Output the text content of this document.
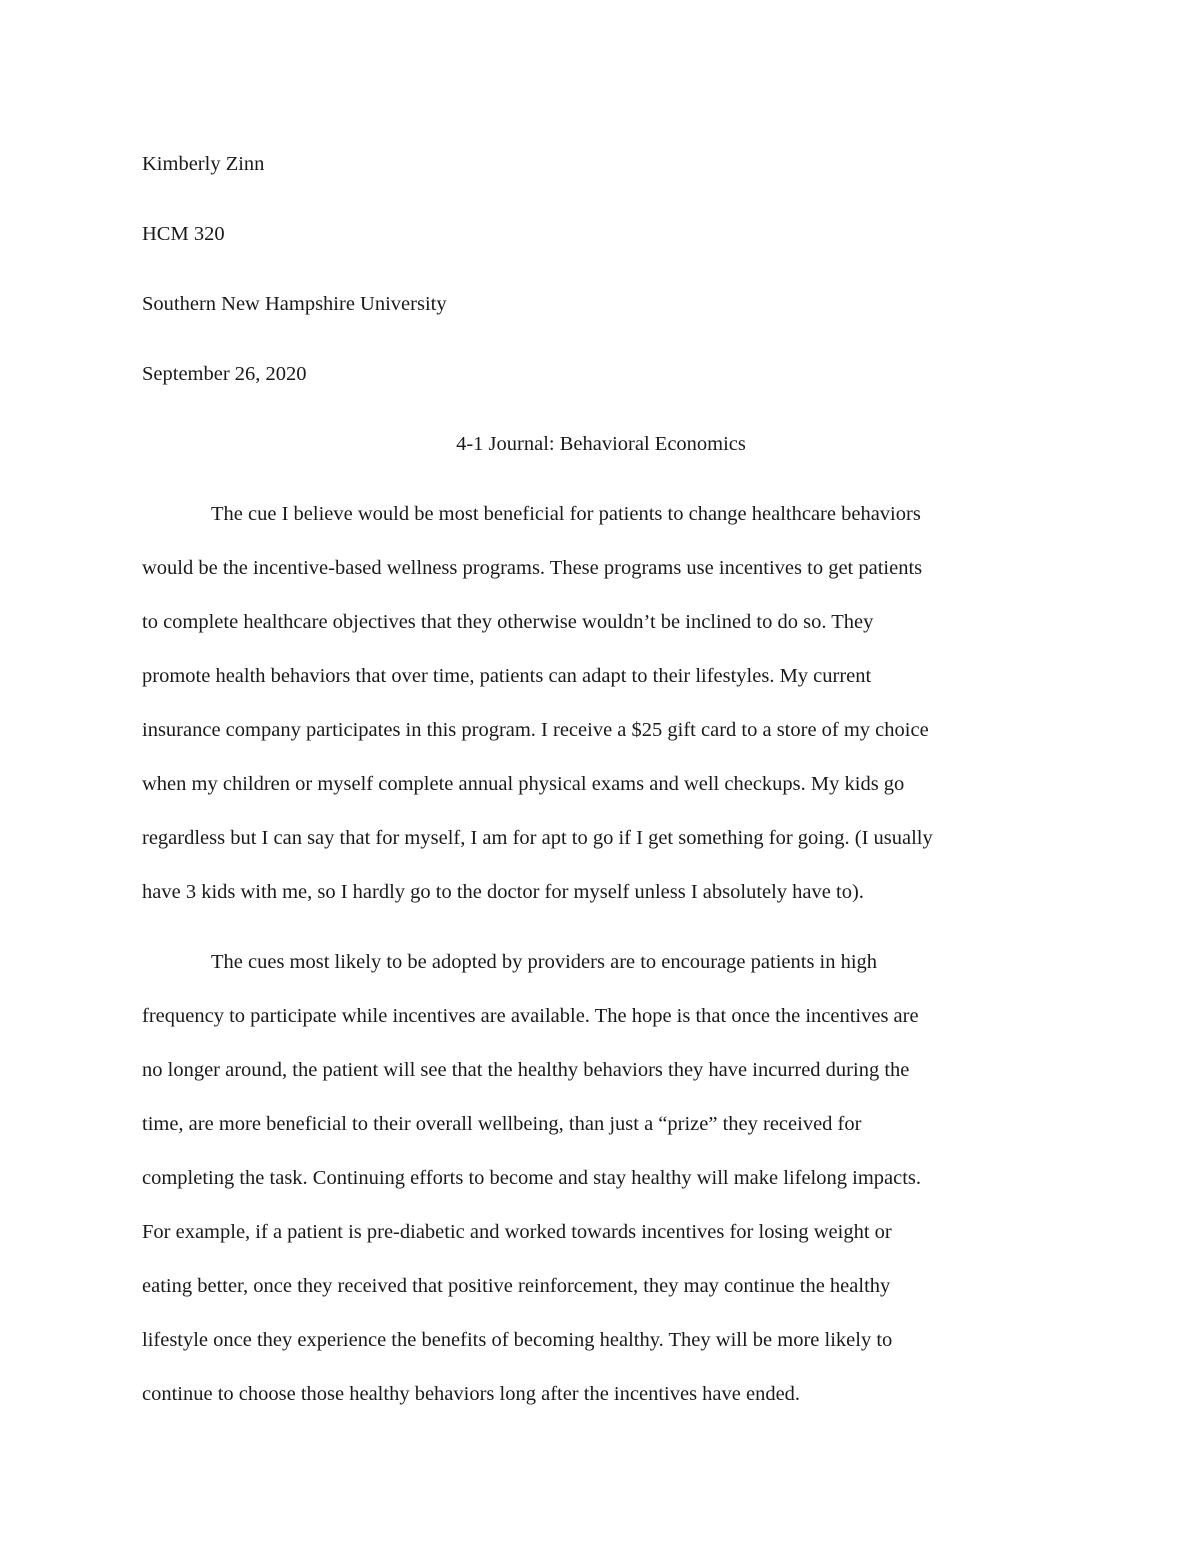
Kimberly Zinn
HCM 320
Southern New Hampshire University
September 26, 2020
4-1 Journal: Behavioral Economics
The cue I believe would be most beneficial for patients to change healthcare behaviors
would be the incentive-based wellness programs. These programs use incentives to get patients
to complete healthcare objectives that they otherwise wouldn’t be inclined to do so. They
promote health behaviors that over time, patients can adapt to their lifestyles. My current
insurance company participates in this program. I receive a $25 gift card to a store of my choice
when my children or myself complete annual physical exams and well checkups. My kids go
regardless but I can say that for myself, I am for apt to go if I get something for going. (I usually
have 3 kids with me, so I hardly go to the doctor for myself unless I absolutely have to).
The cues most likely to be adopted by providers are to encourage patients in high
frequency to participate while incentives are available. The hope is that once the incentives are
no longer around, the patient will see that the healthy behaviors they have incurred during the
time, are more beneficial to their overall wellbeing, than just a “prize” they received for
completing the task. Continuing efforts to become and stay healthy will make lifelong impacts.
For example, if a patient is pre-diabetic and worked towards incentives for losing weight or
eating better, once they received that positive reinforcement, they may continue the healthy
lifestyle once they experience the benefits of becoming healthy. They will be more likely to
continue to choose those healthy behaviors long after the incentives have ended.
